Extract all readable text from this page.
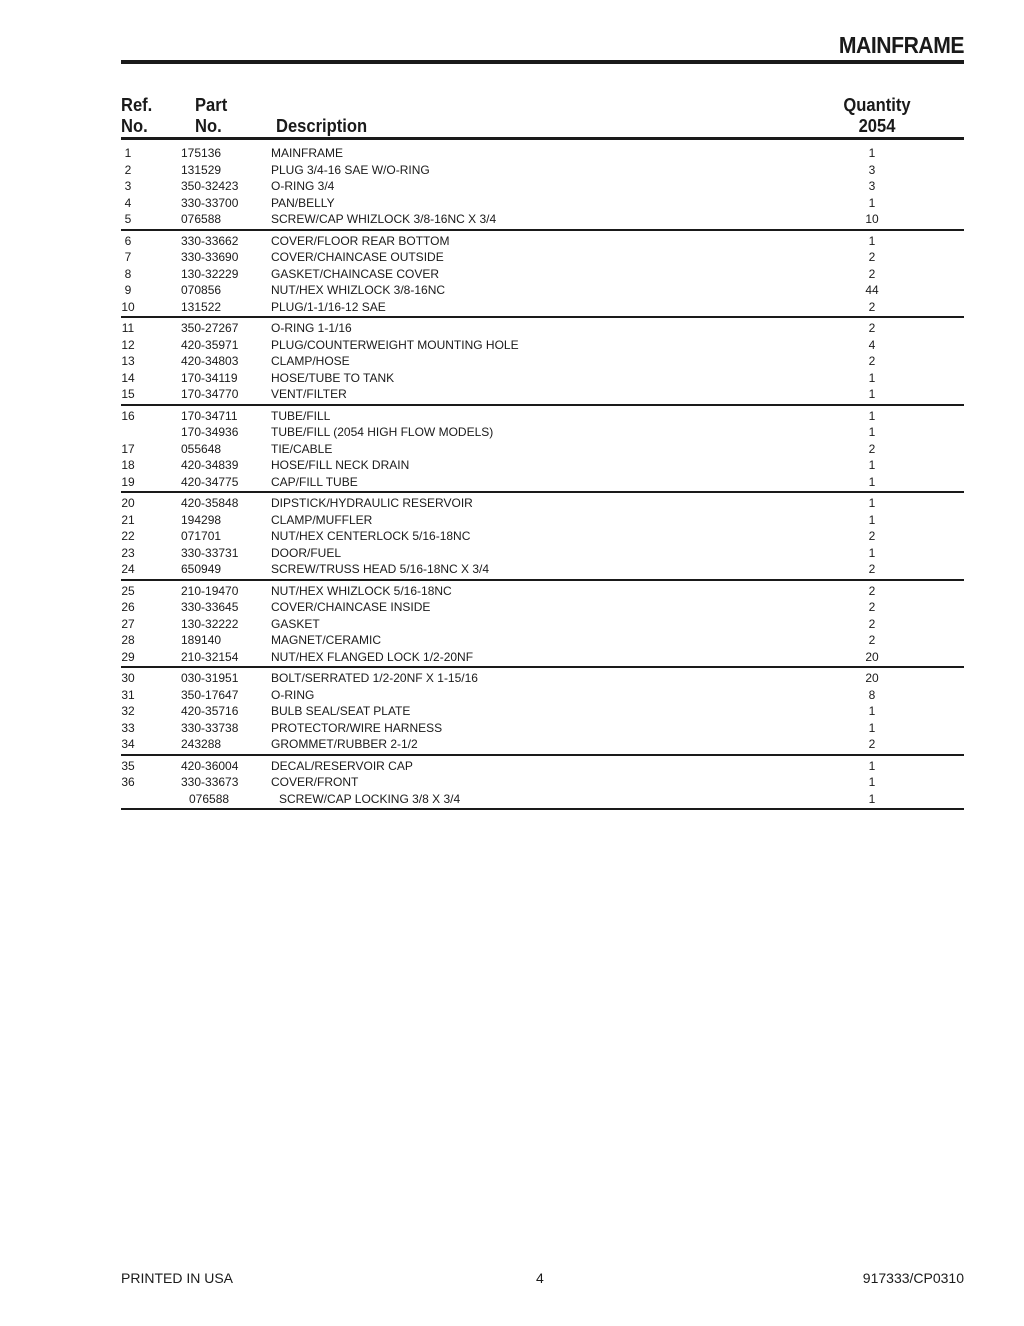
MAINFRAME
Ref.
No.
Part
No.	Description
Quantity
2054
1	175136	MAINFRAME	1
2	131529	PLUG 3/4-16 SAE W/O-RING	3
3	350-32423	O-RING 3/4	3
4	330-33700	PAN/BELLY	1
5	076588	SCREW/CAP WHIZLOCK 3/8-16NC X 3/4	10
6	330-33662	COVER/FLOOR REAR BOTTOM	1
7	330-33690	COVER/CHAINCASE OUTSIDE	2
8	130-32229	GASKET/CHAINCASE COVER	2
9	070856	NUT/HEX WHIZLOCK 3/8-16NC	44
10	131522	PLUG/1-1/16-12 SAE	2
11	350-27267	O-RING 1-1/16	2
12	420-35971	PLUG/COUNTERWEIGHT MOUNTING HOLE	4
13	420-34803	CLAMP/HOSE	2
14	170-34119	HOSE/TUBE TO TANK	1
15	170-34770	VENT/FILTER	1
16	170-34711	TUBE/FILL	1
170-34936	TUBE/FILL (2054 HIGH FLOW MODELS)	1
17	055648	TIE/CABLE	2
18	420-34839	HOSE/FILL NECK DRAIN	1
19	420-34775	CAP/FILL TUBE	1
20	420-35848	DIPSTICK/HYDRAULIC RESERVOIR	1
21	194298	CLAMP/MUFFLER	1
22	071701	NUT/HEX CENTERLOCK 5/16-18NC	2
23	330-33731	DOOR/FUEL	1
24	650949	SCREW/TRUSS HEAD 5/16-18NC X 3/4	2
25	210-19470	NUT/HEX WHIZLOCK 5/16-18NC	2
26	330-33645	COVER/CHAINCASE INSIDE	2
27	130-32222	GASKET	2
28	189140	MAGNET/CERAMIC	2
29	210-32154	NUT/HEX FLANGED LOCK 1/2-20NF	20
30	030-31951	BOLT/SERRATED 1/2-20NF X 1-15/16	20
31	350-17647	O-RING	8
32	420-35716	BULB SEAL/SEAT PLATE	1
33	330-33738	PROTECTOR/WIRE HARNESS	1
34	243288	GROMMET/RUBBER 2-1/2	2
35	420-36004	DECAL/RESERVOIR CAP	1
36	330-33673	COVER/FRONT	1
076588	SCREW/CAP LOCKING 3/8 X 3/4	1
PRINTED IN USA	4	917333/CP0310
